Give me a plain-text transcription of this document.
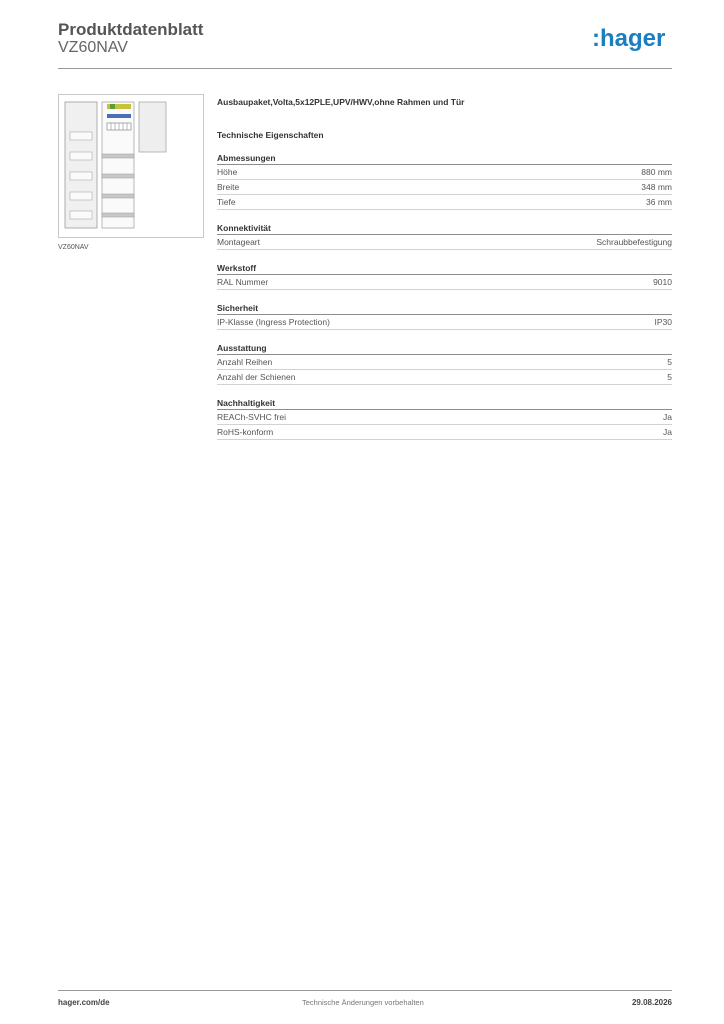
Produktdatenblatt
VZ60NAV	:hager
VZ60NAV
Ausbaupaket,Volta,5x12PLE,UPV/HWV,ohne Rahmen und Tür
Technische Eigenschaften
Abmessungen
Höhe	880 mm
Breite	348 mm
Tiefe	36 mm
Konnektivität
Montageart	Schraubbefestigung
Werkstoff
RAL Nummer	9010
Sicherheit
IP-Klasse (Ingress Protection)	IP30
Ausstattung
Anzahl Reihen	5
Anzahl der Schienen	5
Nachhaltigkeit
REACh-SVHC frei	Ja
RoHS-konform	Ja
hager.com/de	Technische Änderungen vorbehalten	29.08.2026
